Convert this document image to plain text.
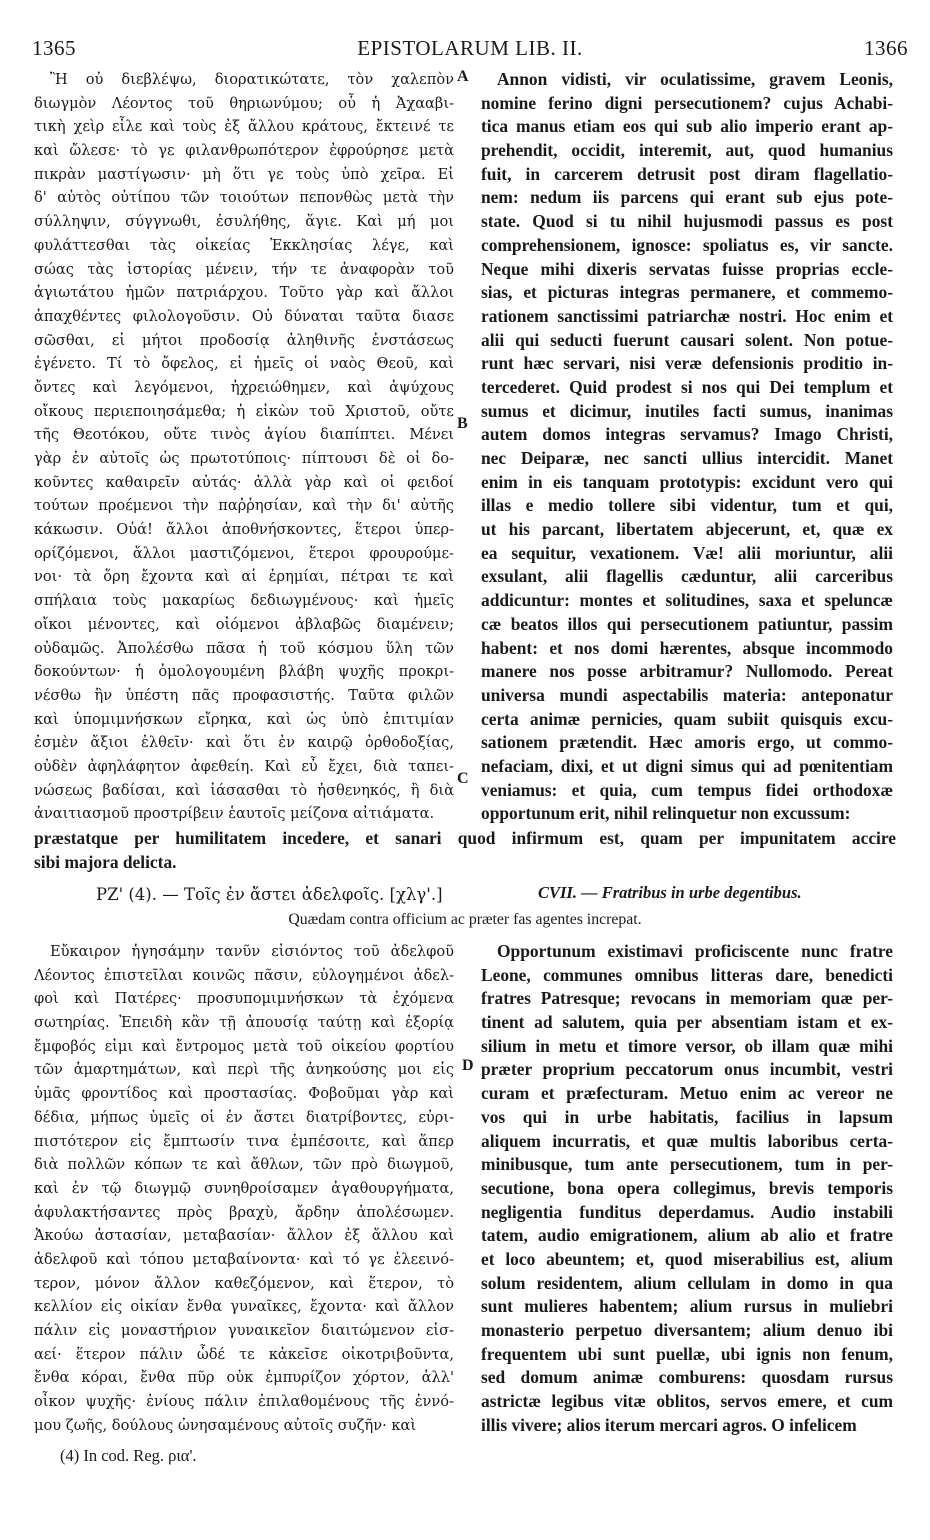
1365	EPISTOLARUM LIB. II.	1366
Ἢ οὐ διεβλέψω, διορατικώτατε, τὸν χαλεπὸν
διωγμὸν Λέοντος τοῦ θηριωνύμου; οὗ ἡ Ἀχααβι-
τικὴ χεὶρ εἷλε καὶ τοὺς ἐξ ἄλλου κράτους, ἔκτεινέ τε
καὶ ὤλεσε· τὸ γε φιλανθρωπότερον ἐφρούρησε μετὰ
πικρὰν μαστίγωσιν· μὴ ὅτι γε τοὺς ὑπὸ χεῖρα. Εἰ
δ' αὐτὸς οὐτίπου τῶν τοιούτων πεπονθὼς μετὰ τὴν
σύλληψιν, σύγγνωθι, ἐσυλήθης, ἅγιε. Καὶ μή μοι
φυλάττεσθαι τὰς οἰκείας Ἐκκλησίας λέγε, καὶ
σώας τὰς ἱστορίας μένειν, τήν τε ἀναφορὰν τοῦ
ἁγιωτάτου ἡμῶν πατριάρχου. Τοῦτο γὰρ καὶ ἄλλοι
ἀπαχθέντες φιλολογοῦσιν. Οὐ δύναται ταῦτα διασε
σῶσθαι, εἰ μήτοι προδοσίᾳ ἀληθινῆς ἐνστάσεως
ἐγένετο. Τί τὸ ὄφελος, εἰ ἡμεῖς οἱ ναὸς Θεοῦ, καὶ
ὄντες καὶ λεγόμενοι, ἠχρειώθημεν, καὶ ἀψύχους
οἴκους περιεποιησάμεθα; ἡ εἰκὼν τοῦ Χριστοῦ, οὔτε
τῆς Θεοτόκου, οὔτε τινὸς ἁγίου διαπίπτει. Μένει
γὰρ ἐν αὐτοῖς ὡς πρωτοτύποις· πίπτουσι δὲ οἱ δο-
κοῦντες καθαιρεῖν αὐτάς· ἀλλὰ γὰρ καὶ οἱ φειδοί
τούτων προέμενοι τὴν παῤῥησίαν, καὶ τὴν δι' αὐτῆς
κάκωσιν. Οὐά! ἄλλοι ἀποθνήσκοντες, ἕτεροι ὑπερ-
ορίζόμενοι, ἄλλοι μαστιζόμενοι, ἕτεροι φρουρούμε-
νοι· τὰ ὄρη ἔχοντα καὶ αἱ ἐρημίαι, πέτραι τε καὶ
σπήλαια τοὺς μακαρίως δεδιωγμένους· καὶ ἡμεῖς
οἴκοι μένοντες, καὶ οἰόμενοι ἀβλαβῶς διαμένειν;
οὐδαμῶς. Ἀπολέσθω πᾶσα ἡ τοῦ κόσμου ὕλη τῶν
δοκούντων· ἡ ὁμολογουμένη βλάβη ψυχῆς προκρι-
νέσθω ἣν ὑπέστη πᾶς προφασιστής. Ταῦτα φιλῶν
καὶ ὑπομιμνήσκων εἴρηκα, καὶ ὡς ὑπὸ ἐπιτιμίαν
ἐσμὲν ἄξιοι ἐλθεῖν· καὶ ὅτι ἐν καιρῷ ὀρθοδοξίας,
οὐδὲν ἀφηλάφητον ἀφεθείη. Καὶ εὖ ἔχει, διὰ ταπει-
νώσεως βαδίσαι, καὶ ἰάσασθαι τὸ ἠσθενηκός, ἢ διὰ
ἀναιτιασμοῦ προστρίβειν ἑαυτοῖς μείζονα αἰτιάματα.
Annon vidisti, vir oculatissime, gravem Leonis,
nomine ferino digni persecutionem? cujus Achabi-
tica manus etiam eos qui sub alio imperio erant ap-
prehendit, occidit, interemit, aut, quod humanius
fuit, in carcerem detrusit post diram flagellatio-
nem: nedum iis parcens qui erant sub ejus pote-
state. Quod si tu nihil hujusmodi passus es post
comprehensionem, ignosce: spoliatus es, vir sancte.
Neque mihi dixeris servatas fuisse proprias eccle-
sias, et picturas integras permanere, et commemo-
rationem sanctissimi patriarchæ nostri. Hoc enim et
alii qui seducti fuerunt causari solent. Non potue-
runt hæc servari, nisi veræ defensionis proditio in-
tercederet. Quid prodest si nos qui Dei templum et
sumus et dicimur, inutiles facti sumus, inanimas
autem domos integras servamus? Imago Christi,
nec Deiparæ, nec sancti ullius intercidit. Manet
enim in eis tanquam prototypis: excidunt vero qui
illas e medio tollere sibi videntur, tum et qui,
ut his parcant, libertatem abjecerunt, et, quæ ex
ea sequitur, vexationem. Væ! alii moriuntur, alii
exsulant, alii flagellis cæduntur, alii carceribus
addicuntur: montes et solitudines, saxa et speluncæ
cæ beatos illos qui persecutionem patiuntur, passim
habent: et nos domi hærentes, absque incommodo
manere nos posse arbitramur? Nullomodo. Pereat
universa mundi aspectabilis materia: anteponatur
certa animæ pernicies, quam subiit quisquis excu-
sationem prætendit. Hæc amoris ergo, ut commo-
nefaciam, dixi, et ut digni simus qui ad pœnitentiam
veniamus: et quia, cum tempus fidei orthodoxæ
opportunum erit, nihil relinquetur non excussum:
A
B
C
D
præstatque per humilitatem incedere, et sanari quod infirmum est, quam per impunitatem accire
sibi majora delicta.
ΡΖ' (4). — Τοῖς ἐν ἄστει ἀδελφοῖς. [χλγ'.]	CVII. — Fratribus in urbe degentibus.
Quædam contra officium ac præter fas agentes increpat.
Εὔκαιρον ἡγησάμην τανῦν εἰσιόντος τοῦ ἀδελφοῦ
Λέοντος ἐπιστεῖλαι κοινῶς πᾶσιν, εὐλογημένοι ἀδελ-
φοὶ καὶ Πατέρες· προσυπομιμνήσκων τὰ ἐχόμενα
σωτηρίας. Ἐπειδὴ κἂν τῇ ἀπουσίᾳ ταύτῃ καὶ ἐξορίᾳ
ἔμφοβός εἰμι καὶ ἔντρομος μετὰ τοῦ οἰκείου φορτίου
τῶν ἁμαρτημάτων, καὶ περὶ τῆς ἀνηκούσης μοι εἰς
ὑμᾶς φροντίδος καὶ προστασίας. Φοβοῦμαι γὰρ καὶ
δέδια, μήπως ὑμεῖς οἱ ἐν ἄστει διατρίβοντες, εὐρι-
πιστότερον εἰς ἔμπτωσίν τινα ἐμπέσοιτε, καὶ ἅπερ
διὰ πολλῶν κόπων τε καὶ ἄθλων, τῶν πρὸ διωγμοῦ,
καὶ ἐν τῷ διωγμῷ συνηθροίσαμεν ἀγαθουργήματα,
ἀφυλακτήσαντες πρὸς βραχὺ, ἄρδην ἀπολέσωμεν.
Ἀκούω ἀστασίαν, μεταβασίαν· ἄλλον ἐξ ἄλλου καὶ
ἀδελφοῦ καὶ τόπου μεταβαίνοντα· καὶ τό γε ἐλεεινό-
τερον, μόνον ἄλλον καθεζόμενον, καὶ ἕτερον, τὸ
κελλίον εἰς οἰκίαν ἔνθα γυναῖκες, ἔχοντα· καὶ ἄλλον
πάλιν εἰς μοναστήριον γυναικεῖον διαιτώμενον εἰσ-
αεί· ἕτερον πάλιν ὧδέ τε κἀκεῖσε οἰκοτριβοῦντα,
ἔνθα κόραι, ἔνθα πῦρ οὐκ ἐμπυρίζον χόρτον, ἀλλ'
οἶκον ψυχῆς· ἐνίους πάλιν ἐπιλαθομένους τῆς ἐννό-
μου ζωῆς, δούλους ὠνησαμένους αὐτοῖς συζῆν· καὶ
Opportunum existimavi proficiscente nunc fratre
Leone, communes omnibus litteras dare, benedicti
fratres Patresque; revocans in memoriam quæ per-
tinent ad salutem, quia per absentiam istam et ex-
silium in metu et timore versor, ob illam quæ mihi
præter proprium peccatorum onus incumbit, vestri
curam et præfecturam. Metuo enim ac vereor ne
vos qui in urbe habitatis, facilius in lapsum
aliquem incurratis, et quæ multis laboribus certa-
minibusque, tum ante persecutionem, tum in per-
secutione, bona opera collegimus, brevis temporis
negligentia funditus deperdamus. Audio instabili
tatem, audio emigrationem, alium ab alio et fratre
et loco abeuntem; et, quod miserabilius est, alium
solum residentem, alium cellulam in domo in qua
sunt mulieres habentem; alium rursus in muliebri
monasterio perpetuo diversantem; alium denuo ibi
frequentem ubi sunt puellæ, ubi ignis non fenum,
sed domum animæ comburens: quosdam rursus
astrictæ legibus vitæ oblitos, servos emere, et cum
illis vivere; alios iterum mercari agros. O infelicem
(4) In cod. Reg. ρια'.
